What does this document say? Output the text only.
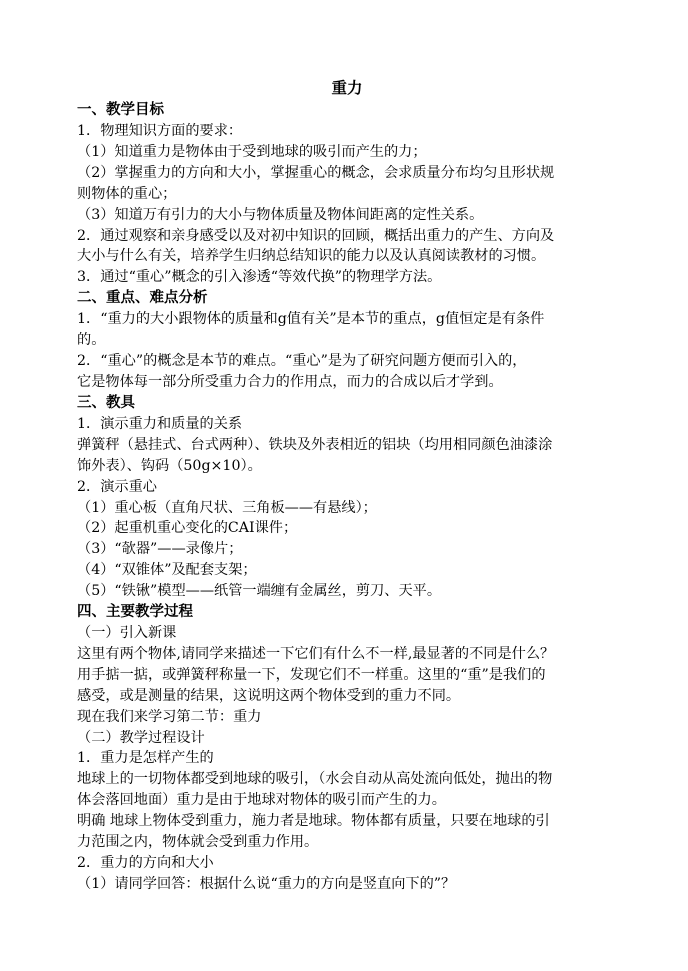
重力
一、教学目标
1．物理知识方面的要求：
（1）知道重力是物体由于受到地球的吸引而产生的力；
（2）掌握重力的方向和大小，掌握重心的概念，会求质量分布均匀且形状规
则物体的重心；
（3）知道万有引力的大小与物体质量及物体间距离的定性关系。
2．通过观察和亲身感受以及对初中知识的回顾，概括出重力的产生、方向及
大小与什么有关，培养学生归纳总结知识的能力以及认真阅读教材的习惯。
3．通过“重心”概念的引入渗透“等效代换”的物理学方法。
二、重点、难点分析
1．“重力的大小跟物体的质量和g值有关”是本节的重点，g值恒定是有条件
的。
2．“重心”的概念是本节的难点。“重心”是为了研究问题方便而引入的，
它是物体每一部分所受重力合力的作用点，而力的合成以后才学到。
三、教具
1．演示重力和质量的关系
弹簧秤（悬挂式、台式两种）、铁块及外表相近的铝块（均用相同颜色油漆涂
饰外表）、钩码（50g×10）。
2．演示重心
（1）重心板（直角尺状、三角板——有悬线）；
（2）起重机重心变化的CAI课件；
（3）“欹器”——录像片；
（4）“双锥体”及配套支架；
（5）“铁锹”模型——纸管一端缠有金属丝，剪刀、天平。
四、主要教学过程
（一）引入新课
这里有两个物体,请同学来描述一下它们有什么不一样,最显著的不同是什么？
用手掂一掂，或弹簧秤称量一下，发现它们不一样重。这里的“重”是我们的
感受，或是测量的结果，这说明这两个物体受到的重力不同。
现在我们来学习第二节：重力
（二）教学过程设计
1．重力是怎样产生的
地球上的一切物体都受到地球的吸引，（水会自动从高处流向低处，抛出的物
体会落回地面）重力是由于地球对物体的吸引而产生的力。
明确 地球上物体受到重力，施力者是地球。物体都有质量，只要在地球的引
力范围之内，物体就会受到重力作用。
2．重力的方向和大小
（1）请同学回答：根据什么说“重力的方向是竖直向下的”？
